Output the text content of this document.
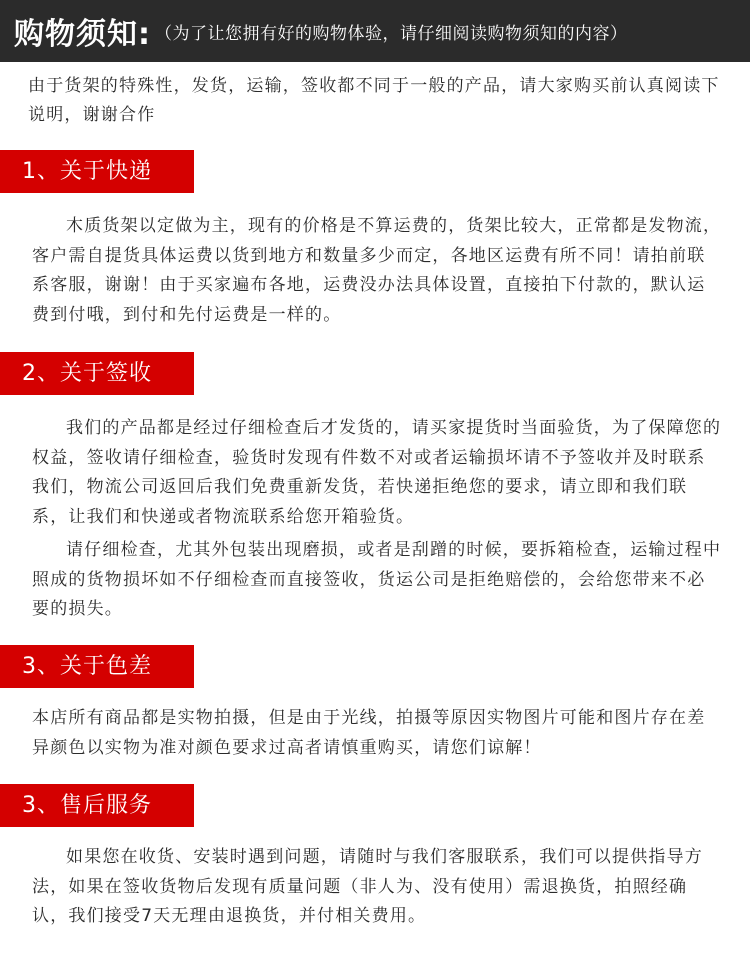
购物须知: （为了让您拥有好的购物体验，请仔细阅读购物须知的内容）

由于货架的特殊性，发货，运输，签收都不同于一般的产品，请大家购买前认真阅读下说明，谢谢合作

1、关于快递

木质货架以定做为主，现有的价格是不算运费的，货架比较大，正常都是发物流，客户需自提货具体运费以货到地方和数量多少而定，各地区运费有所不同！请拍前联系客服，谢谢！由于买家遍布各地，运费没办法具体设置，直接拍下付款的，默认运费到付哦，到付和先付运费是一样的。

2、关于签收

我们的产品都是经过仔细检查后才发货的，请买家提货时当面验货，为了保障您的权益，签收请仔细检查，验货时发现有件数不对或者运输损坏请不予签收并及时联系我们，物流公司返回后我们免费重新发货，若快递拒绝您的要求，请立即和我们联系，让我们和快递或者物流联系给您开箱验货。

请仔细检查，尤其外包装出现磨损，或者是刮蹭的时候，要拆箱检查，运输过程中照成的货物损坏如不仔细检查而直接签收，货运公司是拒绝赔偿的，会给您带来不必要的损失。

3、关于色差

本店所有商品都是实物拍摄，但是由于光线，拍摄等原因实物图片可能和图片存在差异颜色以实物为准对颜色要求过高者请慎重购买，请您们谅解！

3、售后服务

如果您在收货、安装时遇到问题，请随时与我们客服联系，我们可以提供指导方法，如果在签收货物后发现有质量问题（非人为、没有使用）需退换货，拍照经确认，我们接受7天无理由退换货，并付相关费用。
